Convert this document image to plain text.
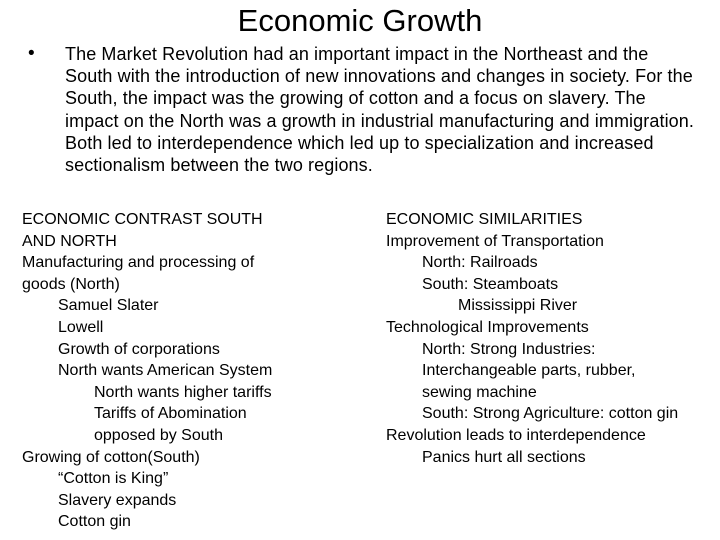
Economic Growth
• The Market Revolution had an important impact in the Northeast and the South with the introduction of new innovations and changes in society. For the South, the impact was the growing of cotton and a focus on slavery. The impact on the North was a growth in industrial manufacturing and immigration. Both led to interdependence which led up to specialization and increased sectionalism between the two regions.
ECONOMIC CONTRAST SOUTH
AND NORTH
Manufacturing and processing of
goods (North)
Samuel Slater
Lowell
Growth of corporations
North wants American System
North wants higher tariffs
Tariffs of Abomination
opposed by South
Growing of cotton(South)
“Cotton is King”
Slavery expands
Cotton gin
ECONOMIC SIMILARITIES
Improvement of Transportation
North: Railroads
South: Steamboats
Mississippi River
Technological Improvements
North: Strong Industries:
Interchangeable parts, rubber,
sewing machine
South: Strong Agriculture: cotton gin
Revolution leads to interdependence
Panics hurt all sections
